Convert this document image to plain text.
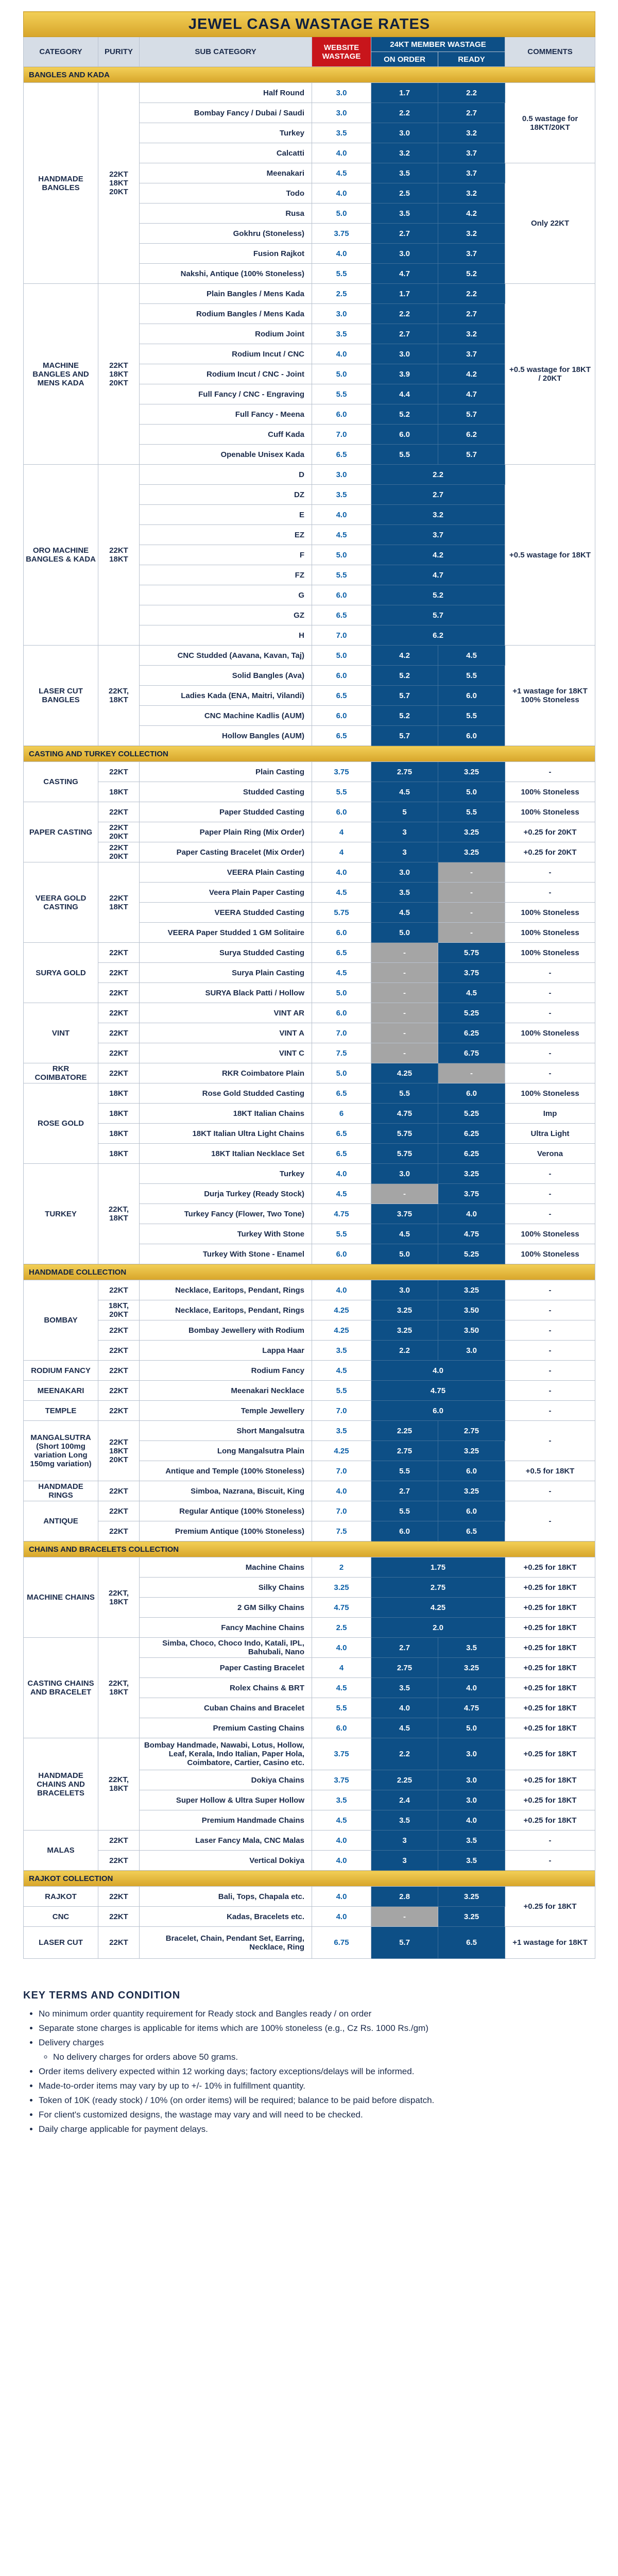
JEWEL CASA WASTAGE RATES						
CATEGORY	PURITY	SUB CATEGORY	WEBSITE WASTAGE	24KT MEMBER WASTAGE		COMMENTS
				ON ORDER	READY	
BANGLES AND KADA						
HANDMADE BANGLES	22KT 18KT 20KT	Half Round	3.0	1.7	2.2	0.5 wastage for 18KT/20KT
		Bombay Fancy / Dubai / Saudi	3.0	2.2	2.7	
		Turkey	3.5	3.0	3.2	
		Calcatti	4.0	3.2	3.7	
		Meenakari	4.5	3.5	3.7	Only 22KT
		Todo	4.0	2.5	3.2	
		Rusa	5.0	3.5	4.2	
		Gokhru (Stoneless)	3.75	2.7	3.2	
		Fusion Rajkot	4.0	3.0	3.7	
		Nakshi, Antique (100% Stoneless)	5.5	4.7	5.2	
MACHINE BANGLES AND MENS KADA	22KT 18KT 20KT	Plain Bangles / Mens Kada	2.5	1.7	2.2	+0.5 wastage for 18KT / 20KT
		Rodium Bangles / Mens Kada	3.0	2.2	2.7	
		Rodium Joint	3.5	2.7	3.2	
		Rodium Incut / CNC	4.0	3.0	3.7	
		Rodium Incut / CNC - Joint	5.0	3.9	4.2	
		Full Fancy / CNC - Engraving	5.5	4.4	4.7	
		Full Fancy - Meena	6.0	5.2	5.7	
		Cuff Kada	7.0	6.0	6.2	
		Openable Unisex Kada	6.5	5.5	5.7	
ORO MACHINE BANGLES & KADA	22KT 18KT	D	3.0	2.2		+0.5 wastage for 18KT
		DZ	3.5	2.7		
		E	4.0	3.2		
		EZ	4.5	3.7		
		F	5.0	4.2		
		FZ	5.5	4.7		
		G	6.0	5.2		
		GZ	6.5	5.7		
		H	7.0	6.2		
LASER CUT BANGLES	22KT, 18KT	CNC Studded (Aavana, Kavan, Taj)	5.0	4.2	4.5	+1 wastage for 18KT 100% Stoneless
		Solid Bangles (Ava)	6.0	5.2	5.5	
		Ladies Kada (ENA, Maitri, Vilandi)	6.5	5.7	6.0	
		CNC Machine Kadlis (AUM)	6.0	5.2	5.5	
		Hollow Bangles (AUM)	6.5	5.7	6.0	
CASTING AND TURKEY COLLECTION						
CASTING	22KT	Plain Casting	3.75	2.75	3.25	-
	18KT	Studded Casting	5.5	4.5	5.0	100% Stoneless
PAPER CASTING	22KT	Paper Studded Casting	6.0	5	5.5	100% Stoneless
	22KT 20KT	Paper Plain Ring (Mix Order)	4	3	3.25	+0.25 for 20KT
	22KT 20KT	Paper Casting Bracelet (Mix Order)	4	3	3.25	+0.25 for 20KT
VEERA GOLD CASTING	22KT 18KT	VEERA Plain Casting	4.0	3.0	-	-
		Veera Plain Paper Casting	4.5	3.5	-	-
		VEERA Studded Casting	5.75	4.5	-	100% Stoneless
		VEERA Paper Studded 1 GM Solitaire	6.0	5.0	-	100% Stoneless
SURYA GOLD	22KT	Surya Studded Casting	6.5	-	5.75	100% Stoneless
	22KT	Surya Plain Casting	4.5	-	3.75	-
	22KT	SURYA Black Patti / Hollow	5.0	-	4.5	-
VINT	22KT	VINT AR	6.0	-	5.25	-
	22KT	VINT A	7.0	-	6.25	100% Stoneless
	22KT	VINT C	7.5	-	6.75	-
RKR COIMBATORE	22KT	RKR Coimbatore Plain	5.0	4.25	-	-
ROSE GOLD	18KT	Rose Gold Studded Casting	6.5	5.5	6.0	100% Stoneless
	18KT	18KT Italian Chains	6	4.75	5.25	Imp
	18KT	18KT Italian Ultra Light Chains	6.5	5.75	6.25	Ultra Light
	18KT	18KT Italian Necklace Set	6.5	5.75	6.25	Verona
TURKEY	22KT, 18KT	Turkey	4.0	3.0	3.25	-
		Durja Turkey (Ready Stock)	4.5	-	3.75	-
		Turkey Fancy (Flower, Two Tone)	4.75	3.75	4.0	-
		Turkey With Stone	5.5	4.5	4.75	100% Stoneless
		Turkey With Stone - Enamel	6.0	5.0	5.25	100% Stoneless
HANDMADE COLLECTION						
BOMBAY	22KT	Necklace, Earitops, Pendant, Rings	4.0	3.0	3.25	-
	18KT, 20KT	Necklace, Earitops, Pendant, Rings	4.25	3.25	3.50	-
	22KT	Bombay Jewellery with Rodium	4.25	3.25	3.50	-
	22KT	Lappa Haar	3.5	2.2	3.0	-
RODIUM FANCY	22KT	Rodium Fancy	4.5	4.0		-
MEENAKARI	22KT	Meenakari Necklace	5.5	4.75		-
TEMPLE	22KT	Temple Jewellery	7.0	6.0		-
MANGALSUTRA (Short 100mg variation Long 150mg variation)	22KT 18KT 20KT	Short Mangalsutra	3.5	2.25	2.75	-
		Long Mangalsutra Plain	4.25	2.75	3.25	
		Antique and Temple (100% Stoneless)	7.0	5.5	6.0	+0.5 for 18KT
HANDMADE RINGS	22KT	Simboa, Nazrana, Biscuit, King	4.0	2.7	3.25	-
ANTIQUE	22KT	Regular Antique (100% Stoneless)	7.0	5.5	6.0	-
	22KT	Premium Antique (100% Stoneless)	7.5	6.0	6.5	
CHAINS AND BRACELETS COLLECTION						
MACHINE CHAINS	22KT, 18KT	Machine Chains	2	1.75		+0.25 for 18KT
		Silky Chains	3.25	2.75		+0.25 for 18KT
		2 GM Silky Chains	4.75	4.25		+0.25 for 18KT
		Fancy Machine Chains	2.5	2.0		+0.25 for 18KT
CASTING CHAINS AND BRACELET	22KT, 18KT	Simba, Choco, Choco Indo, Katali, IPL, Bahubali, Nano	4.0	2.7	3.5	+0.25 for 18KT
		Paper Casting Bracelet	4	2.75	3.25	+0.25 for 18KT
		Rolex Chains & BRT	4.5	3.5	4.0	+0.25 for 18KT
		Cuban Chains and Bracelet	5.5	4.0	4.75	+0.25 for 18KT
		Premium Casting Chains	6.0	4.5	5.0	+0.25 for 18KT
HANDMADE CHAINS AND BRACELETS	22KT, 18KT	Bombay Handmade, Nawabi, Lotus, Hollow, Leaf, Kerala, Indo Italian, Paper Hola, Coimbatore, Cartier, Casino etc.	3.75	2.2	3.0	+0.25 for 18KT
		Dokiya Chains	3.75	2.25	3.0	+0.25 for 18KT
		Super Hollow & Ultra Super Hollow	3.5	2.4	3.0	+0.25 for 18KT
		Premium Handmade Chains	4.5	3.5	4.0	+0.25 for 18KT
MALAS	22KT	Laser Fancy Mala, CNC Malas	4.0	3	3.5	-
	22KT	Vertical Dokiya	4.0	3	3.5	-
RAJKOT COLLECTION						
RAJKOT	22KT	Bali, Tops, Chapala etc.	4.0	2.8	3.25	+0.25 for 18KT
CNC	22KT	Kadas, Bracelets etc.	4.0	-	3.25	
LASER CUT	22KT	Bracelet, Chain, Pendant Set, Earring, Necklace, Ring	6.75	5.7	6.5	+1 wastage for 18KT
KEY TERMS AND CONDITION
• No minimum order quantity requirement for Ready stock and Bangles ready / on order
• Separate stone charges is applicable for items which are 100% stoneless (e.g., Cz Rs. 1000 Rs./gm)
• Delivery charges
◦ No delivery charges for orders above 50 grams.
• Order items delivery expected within 12 working days; factory exceptions/delays will be informed.
• Made-to-order items may vary by up to +/- 10% in fulfillment quantity.
• Token of 10K (ready stock) / 10% (on order items) will be required; balance to be paid before dispatch.
• For client's customized designs, the wastage may vary and will need to be checked.
• Daily charge applicable for payment delays.
